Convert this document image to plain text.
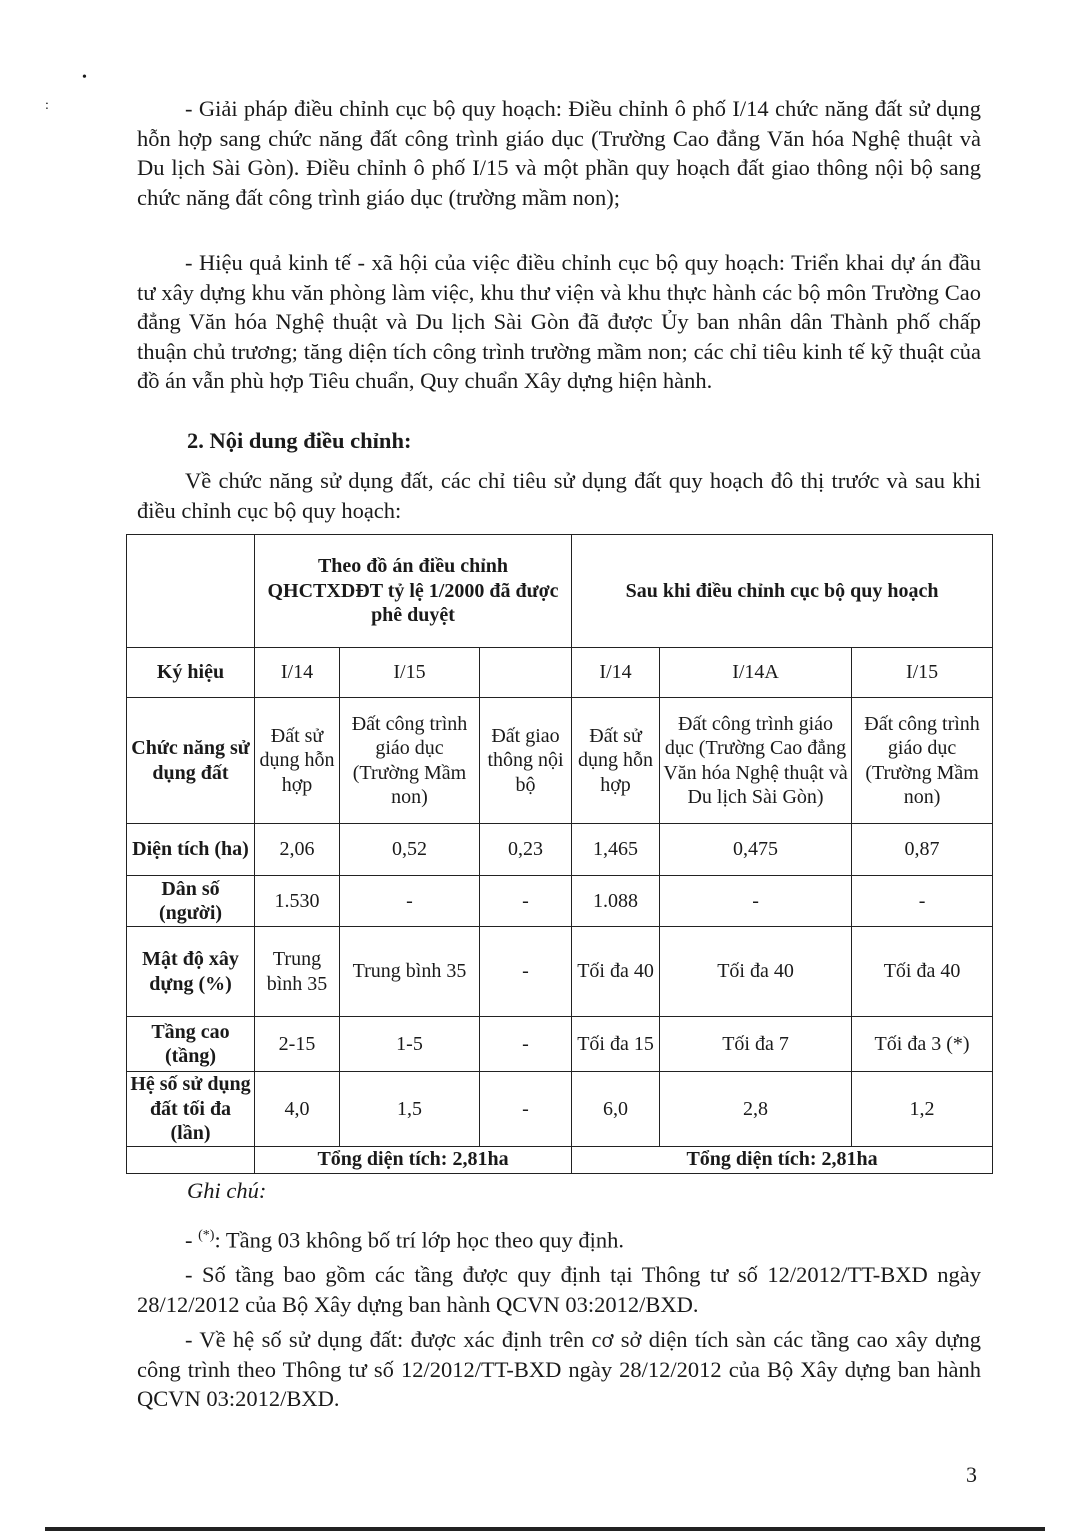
•
:	- Giải pháp điều chỉnh cục bộ quy hoạch: Điều chỉnh ô phố I/14 chức năng đất sử dụng hỗn hợp sang chức năng đất công trình giáo dục (Trường Cao đẳng Văn hóa Nghệ thuật và Du lịch Sài Gòn). Điều chỉnh ô phố I/15 và một phần quy hoạch đất giao thông nội bộ sang chức năng đất công trình giáo dục (trường mầm non);

- Hiệu quả kinh tế - xã hội của việc điều chỉnh cục bộ quy hoạch: Triển khai dự án đầu tư xây dựng khu văn phòng làm việc, khu thư viện và khu thực hành các bộ môn Trường Cao đẳng Văn hóa Nghệ thuật và Du lịch Sài Gòn đã được Ủy ban nhân dân Thành phố chấp thuận chủ trương; tăng diện tích công trình trường mầm non; các chỉ tiêu kinh tế kỹ thuật của đồ án vẫn phù hợp Tiêu chuẩn, Quy chuẩn Xây dựng hiện hành.

2. Nội dung điều chỉnh:

Về chức năng sử dụng đất, các chỉ tiêu sử dụng đất quy hoạch đô thị trước và sau khi điều chỉnh cục bộ quy hoạch:

	Theo đồ án điều chỉnh QHCTXDĐT tỷ lệ 1/2000 đã được phê duyệt			Sau khi điều chỉnh cục bộ quy hoạch		
Ký hiệu	I/14	I/15		I/14	I/14A	I/15
Chức năng sử dụng đất	Đất sử dụng hỗn hợp	Đất công trình giáo dục (Trường Mầm non)	Đất giao thông nội bộ	Đất sử dụng hỗn hợp	Đất công trình giáo dục (Trường Cao đẳng Văn hóa Nghệ thuật và Du lịch Sài Gòn)	Đất công trình giáo dục (Trường Mầm non)
Diện tích (ha)	2,06	0,52	0,23	1,465	0,475	0,87
Dân số (người)	1.530	-	-	1.088	-	-
Mật độ xây dựng (%)	Trung bình 35	Trung bình 35	-	Tối đa 40	Tối đa 40	Tối đa 40
Tầng cao (tầng)	2-15	1-5	-	Tối đa 15	Tối đa 7	Tối đa 3 (*)
Hệ số sử dụng đất tối đa (lần)	4,0	1,5	-	6,0	2,8	1,2
	Tổng diện tích: 2,81ha			Tổng diện tích: 2,81ha		

Ghi chú:

- (*): Tầng 03 không bố trí lớp học theo quy định.

- Số tầng bao gồm các tầng được quy định tại Thông tư số 12/2012/TT-BXD ngày 28/12/2012 của Bộ Xây dựng ban hành QCVN 03:2012/BXD.

- Về hệ số sử dụng đất: được xác định trên cơ sở diện tích sàn các tầng cao xây dựng công trình theo Thông tư số 12/2012/TT-BXD ngày 28/12/2012 của Bộ Xây dựng ban hành QCVN 03:2012/BXD.

3
